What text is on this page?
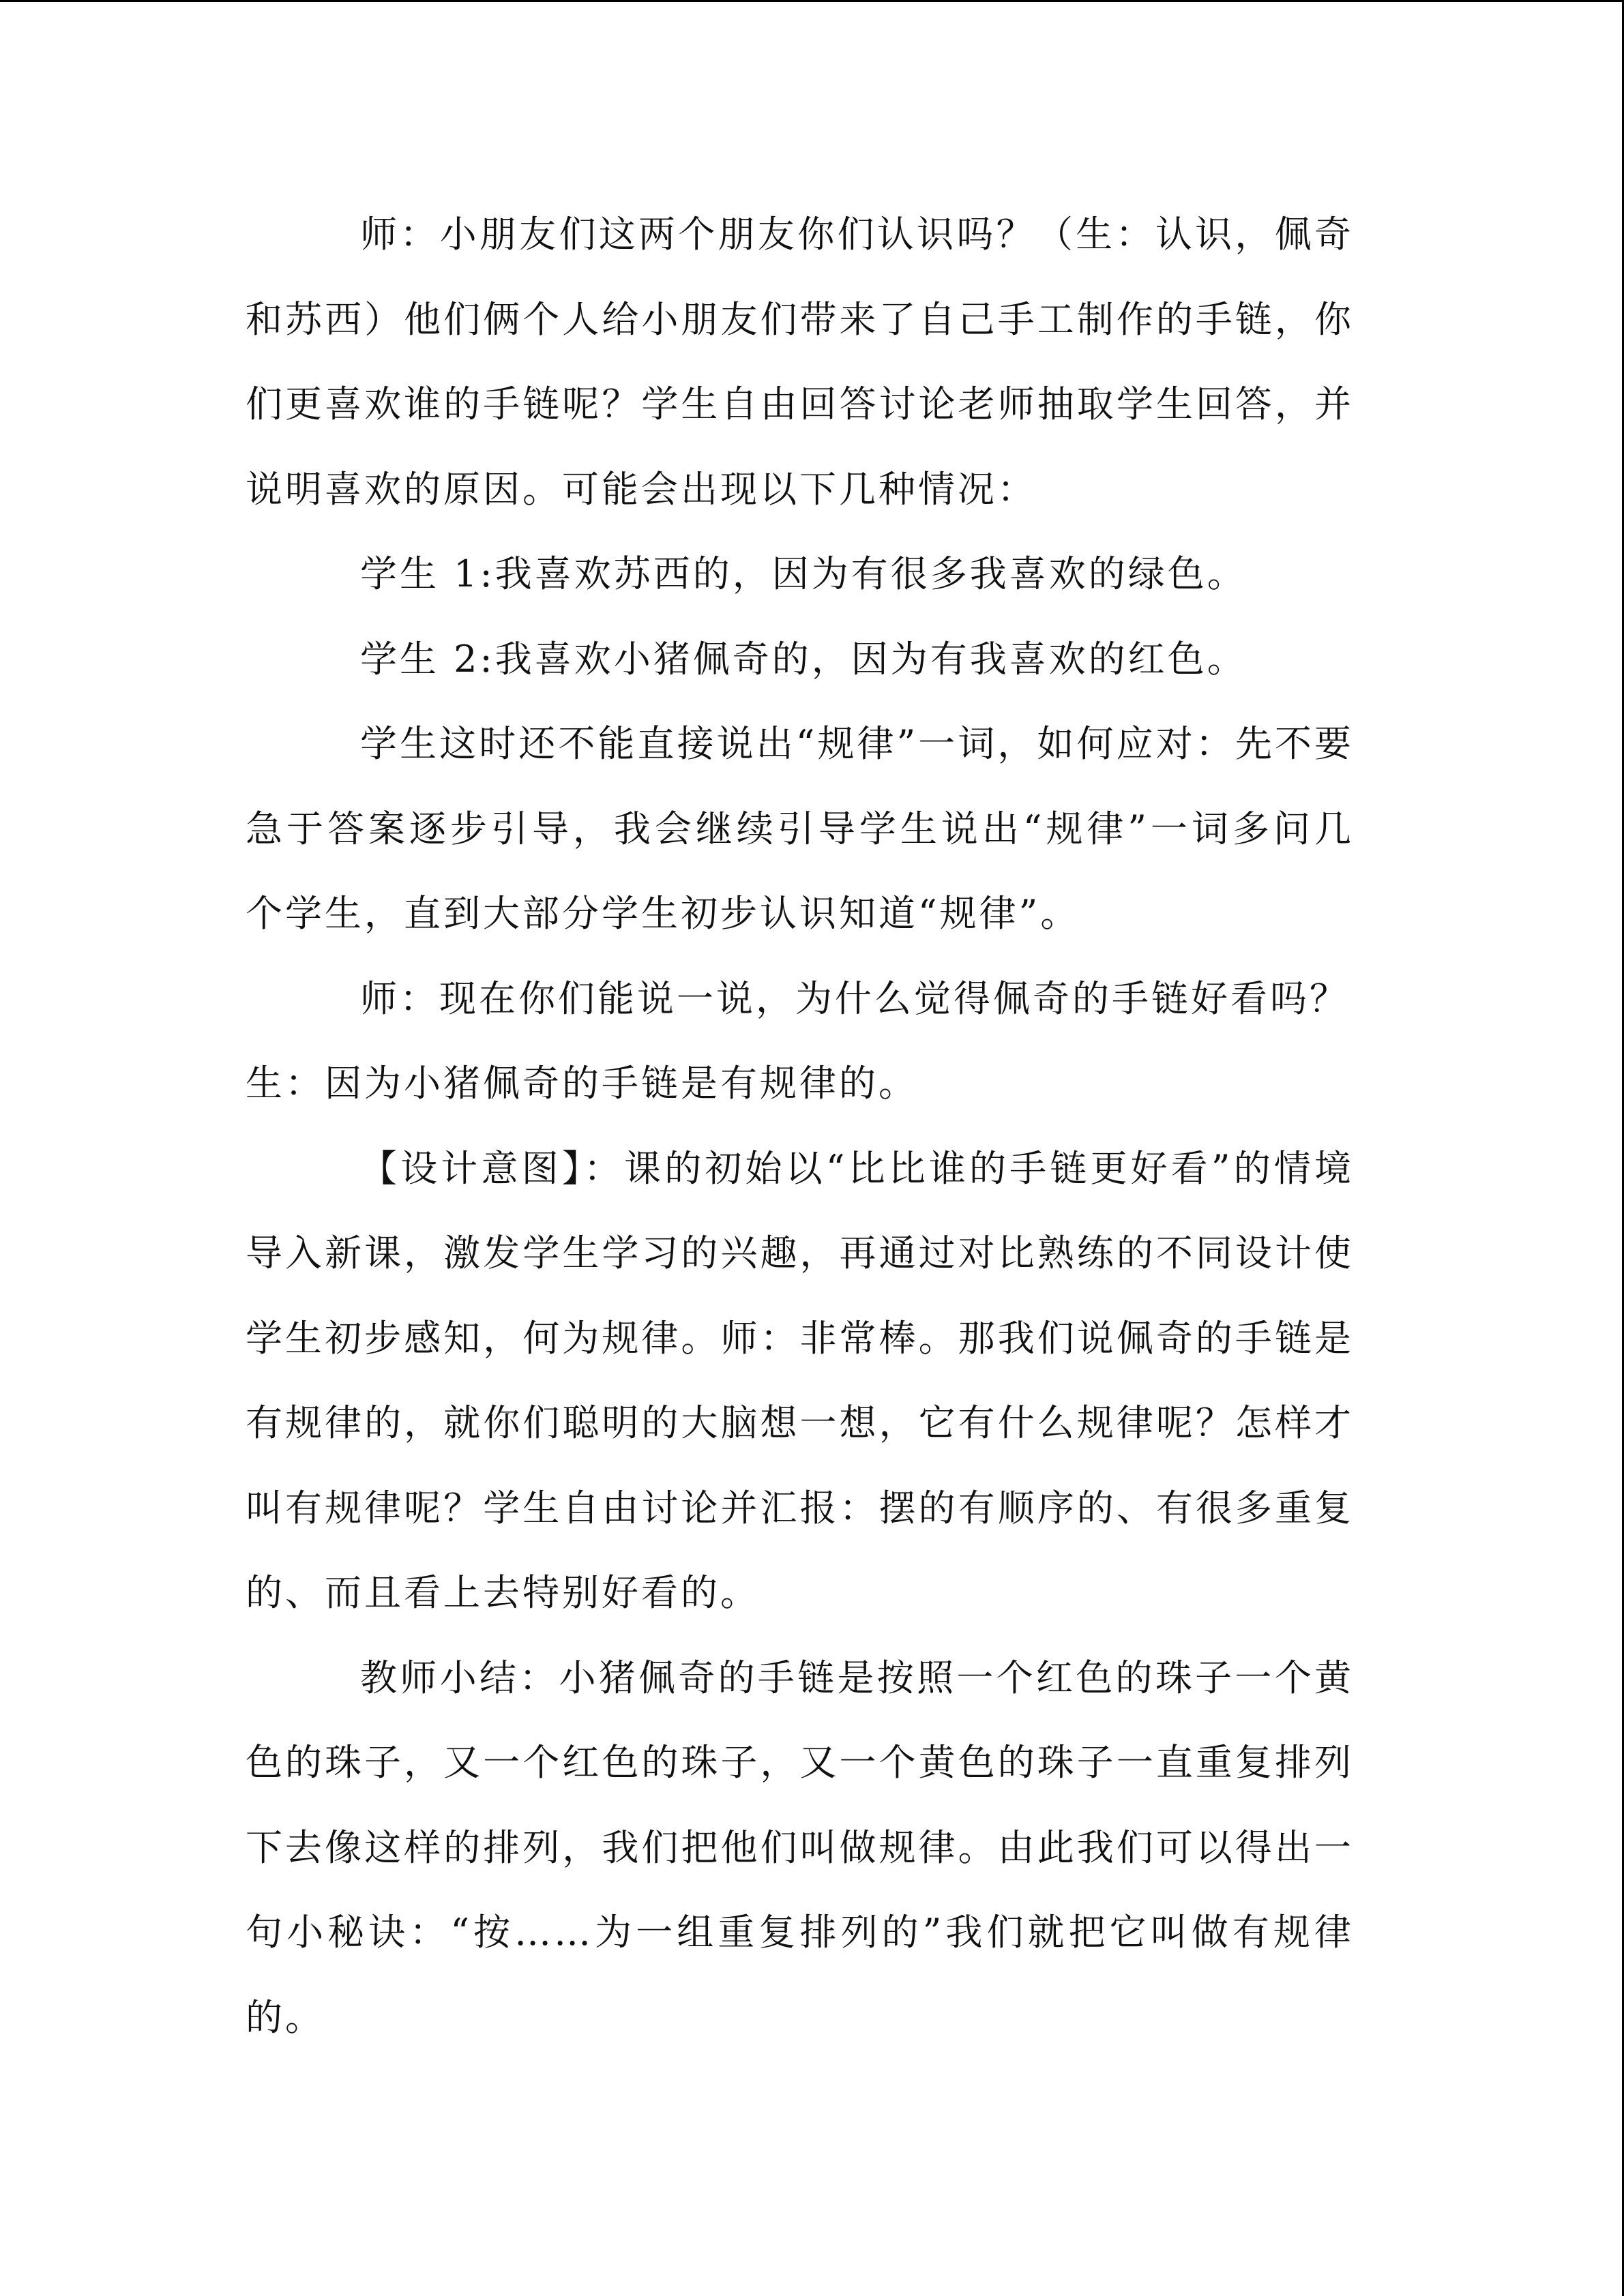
师：小朋友们这两个朋友你们认识吗？（生：认识，佩奇和苏西）他们俩个人给小朋友们带来了自己手工制作的手链，你们更喜欢谁的手链呢？学生自由回答讨论老师抽取学生回答，并说明喜欢的原因。可能会出现以下几种情况：

学生 1:我喜欢苏西的，因为有很多我喜欢的绿色。

学生 2:我喜欢小猪佩奇的，因为有我喜欢的红色。

学生这时还不能直接说出“规律”一词，如何应对：先不要急于答案逐步引导，我会继续引导学生说出“规律”一词多问几个学生，直到大部分学生初步认识知道“规律”。

师：现在你们能说一说，为什么觉得佩奇的手链好看吗？

生：因为小猪佩奇的手链是有规律的。

【设计意图】：课的初始以“比比谁的手链更好看”的情境导入新课，激发学生学习的兴趣，再通过对比熟练的不同设计使学生初步感知，何为规律。师：非常棒。那我们说佩奇的手链是有规律的，就你们聪明的大脑想一想，它有什么规律呢？怎样才叫有规律呢？学生自由讨论并汇报：摆的有顺序的、有很多重复的、而且看上去特别好看的。

教师小结：小猪佩奇的手链是按照一个红色的珠子一个黄色的珠子，又一个红色的珠子，又一个黄色的珠子一直重复排列下去像这样的排列，我们把他们叫做规律。由此我们可以得出一句小秘诀：“按……为一组重复排列的”我们就把它叫做有规律的。
